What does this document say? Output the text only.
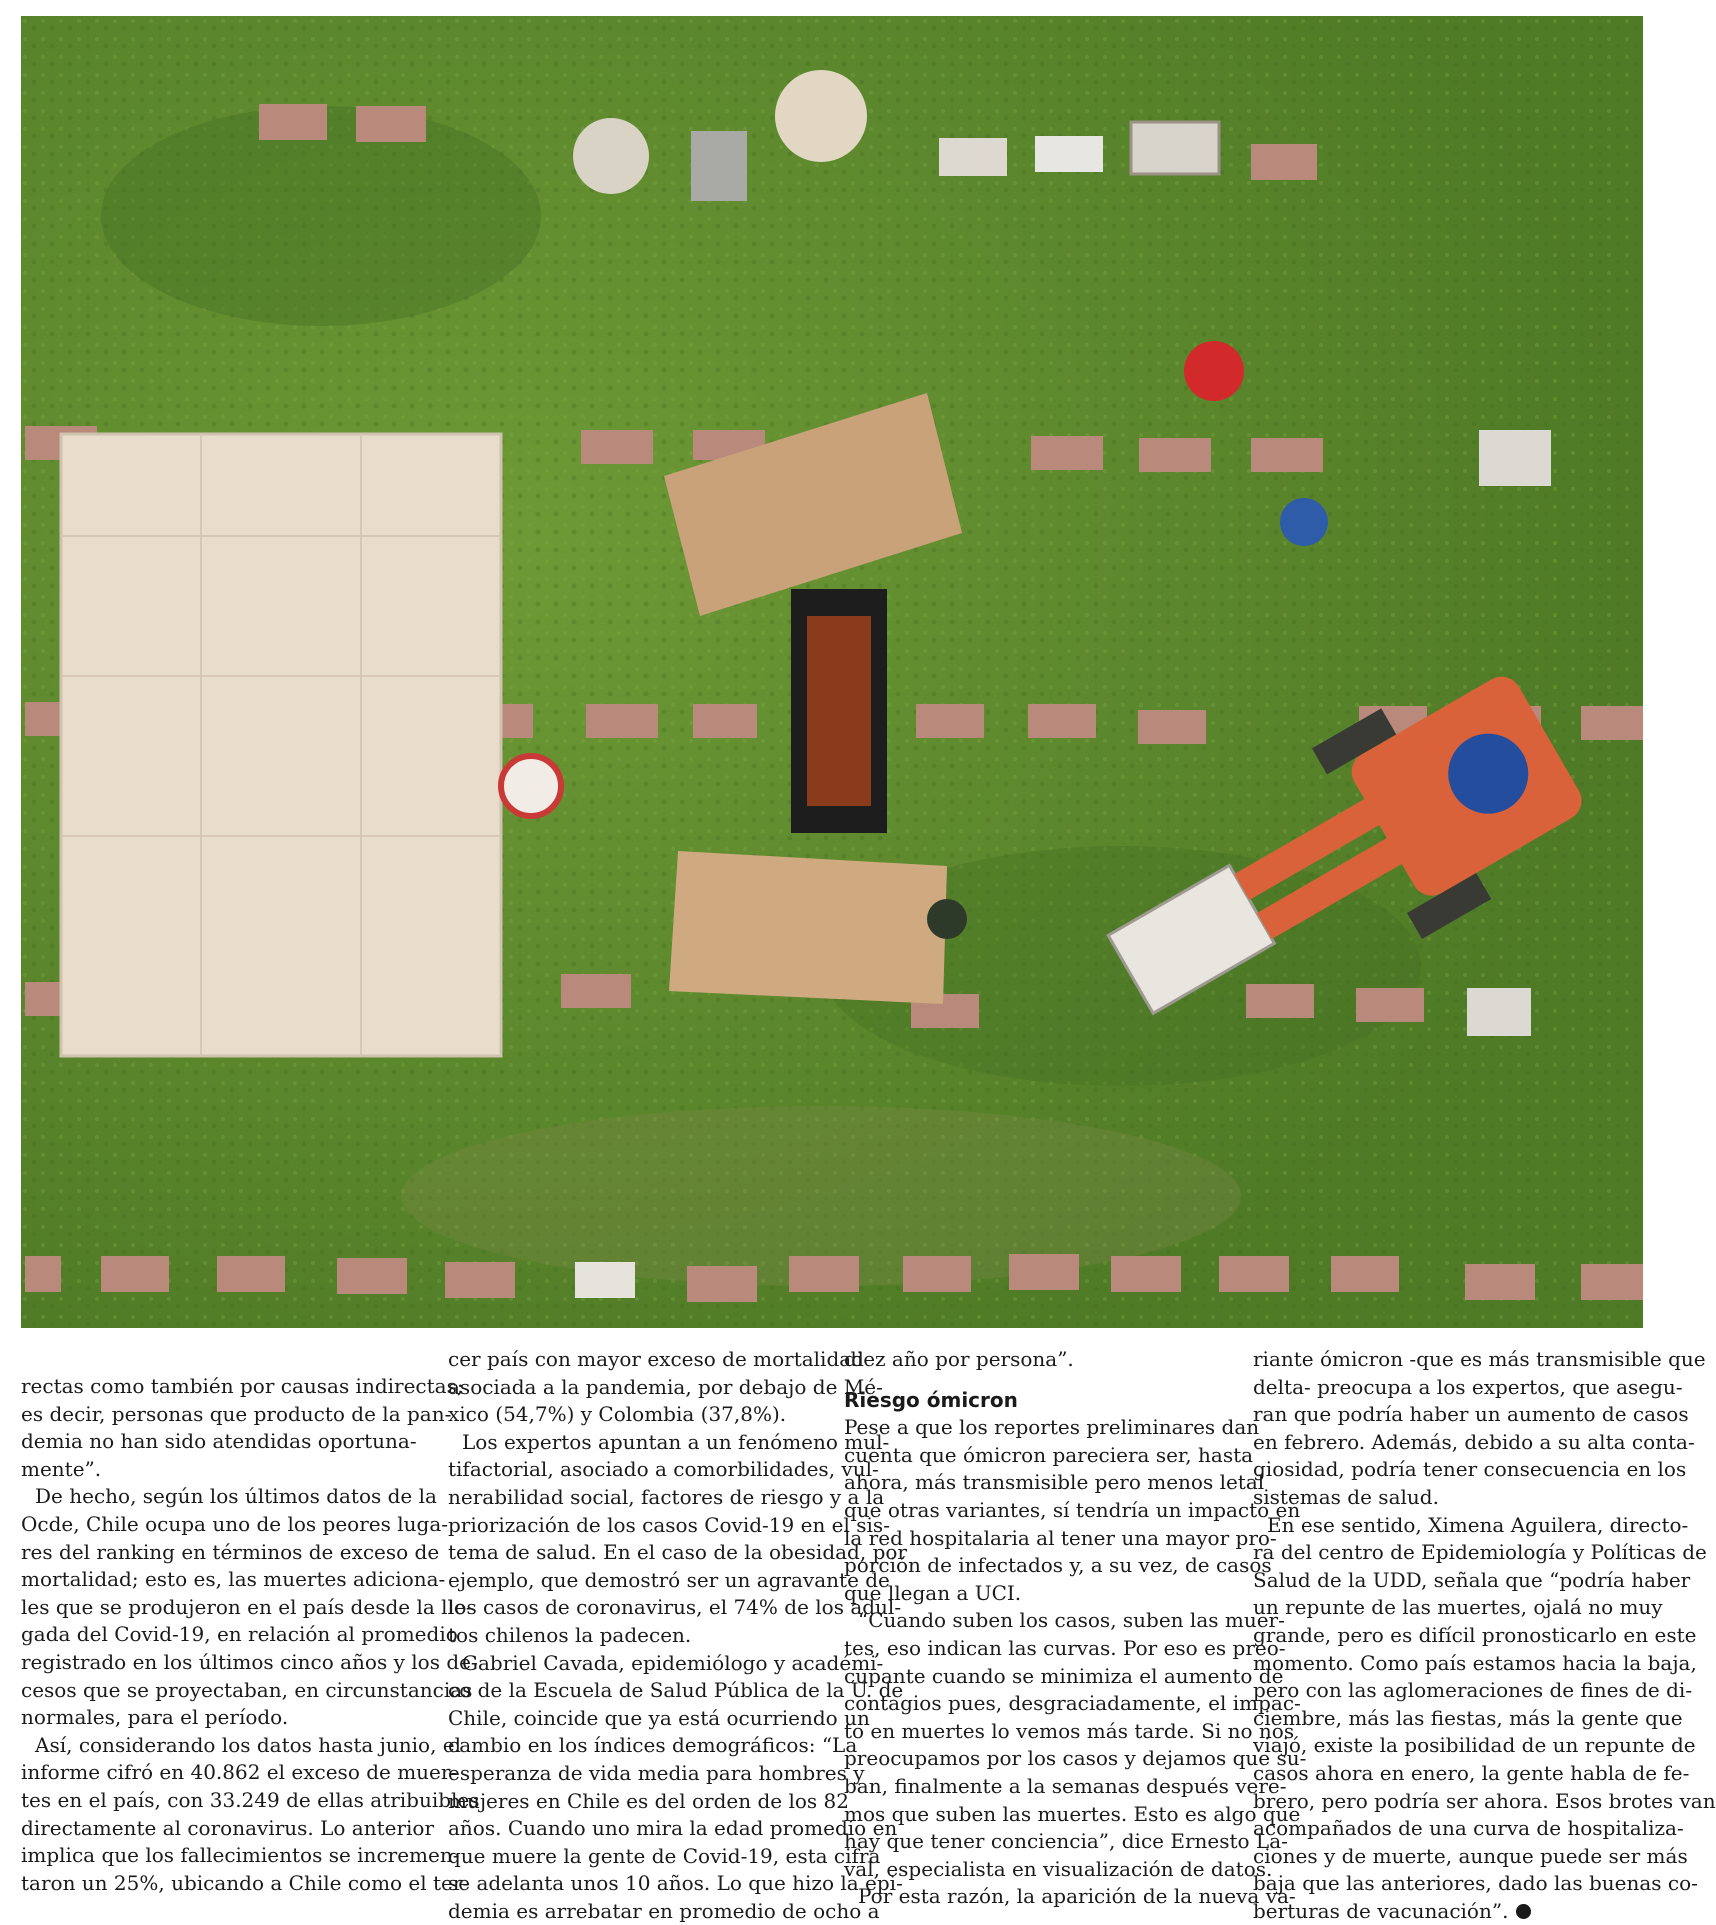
rectas como también por causas indirectas;
es decir, personas que producto de la pan-
demia no han sido atendidas oportuna-
mente”.
De hecho, según los últimos datos de la
Ocde, Chile ocupa uno de los peores luga-
res del ranking en términos de exceso de
mortalidad; esto es, las muertes adiciona-
les que se produjeron en el país desde la lle-
gada del Covid-19, en relación al promedio
registrado en los últimos cinco años y los de-
cesos que se proyectaban, en circunstancias
normales, para el período.
Así, considerando los datos hasta junio, el
informe cifró en 40.862 el exceso de muer-
tes en el país, con 33.249 de ellas atribuibles
directamente al coronavirus. Lo anterior
implica que los fallecimientos se incremen-
taron un 25%, ubicando a Chile como el ter-
cer país con mayor exceso de mortalidad
asociada a la pandemia, por debajo de Mé-
xico (54,7%) y Colombia (37,8%).
Los expertos apuntan a un fenómeno mul-
tifactorial, asociado a comorbilidades, vul-
nerabilidad social, factores de riesgo y a la
priorización de los casos Covid-19 en el sis-
tema de salud. En el caso de la obesidad, por
ejemplo, que demostró ser un agravante de
los casos de coronavirus, el 74% de los adul-
tos chilenos la padecen.
Gabriel Cavada, epidemiólogo y académi-
co de la Escuela de Salud Pública de la U. de
Chile, coincide que ya está ocurriendo un
cambio en los índices demográficos: “La
esperanza de vida media para hombres y
mujeres en Chile es del orden de los 82
años. Cuando uno mira la edad promedio en
que muere la gente de Covid-19, esta cifra
se adelanta unos 10 años. Lo que hizo la epi-
demia es arrebatar en promedio de ocho a
diez año por persona”.
Riesgo ómicron
Pese a que los reportes preliminares dan
cuenta que ómicron pareciera ser, hasta
ahora, más transmisible pero menos letal
que otras variantes, sí tendría un impacto en
la red hospitalaria al tener una mayor pro-
porción de infectados y, a su vez, de casos
que llegan a UCI.
“Cuando suben los casos, suben las muer-
tes, eso indican las curvas. Por eso es preo-
cupante cuando se minimiza el aumento de
contagios pues, desgraciadamente, el impac-
to en muertes lo vemos más tarde. Si no nos
preocupamos por los casos y dejamos que su-
ban, finalmente a la semanas después vere-
mos que suben las muertes. Esto es algo que
hay que tener conciencia”, dice Ernesto La-
val, especialista en visualización de datos.
Por esta razón, la aparición de la nueva va-
riante ómicron -que es más transmisible que
delta- preocupa a los expertos, que asegu-
ran que podría haber un aumento de casos
en febrero. Además, debido a su alta conta-
giosidad, podría tener consecuencia en los
sistemas de salud.
En ese sentido, Ximena Aguilera, directo-
ra del centro de Epidemiología y Políticas de
Salud de la UDD, señala que “podría haber
un repunte de las muertes, ojalá no muy
grande, pero es difícil pronosticarlo en este
momento. Como país estamos hacia la baja,
pero con las aglomeraciones de fines de di-
ciembre, más las fiestas, más la gente que
viajó, existe la posibilidad de un repunte de
casos ahora en enero, la gente habla de fe-
brero, pero podría ser ahora. Esos brotes van
acompañados de una curva de hospitaliza-
ciones y de muerte, aunque puede ser más
baja que las anteriores, dado las buenas co-
berturas de vacunación”.
